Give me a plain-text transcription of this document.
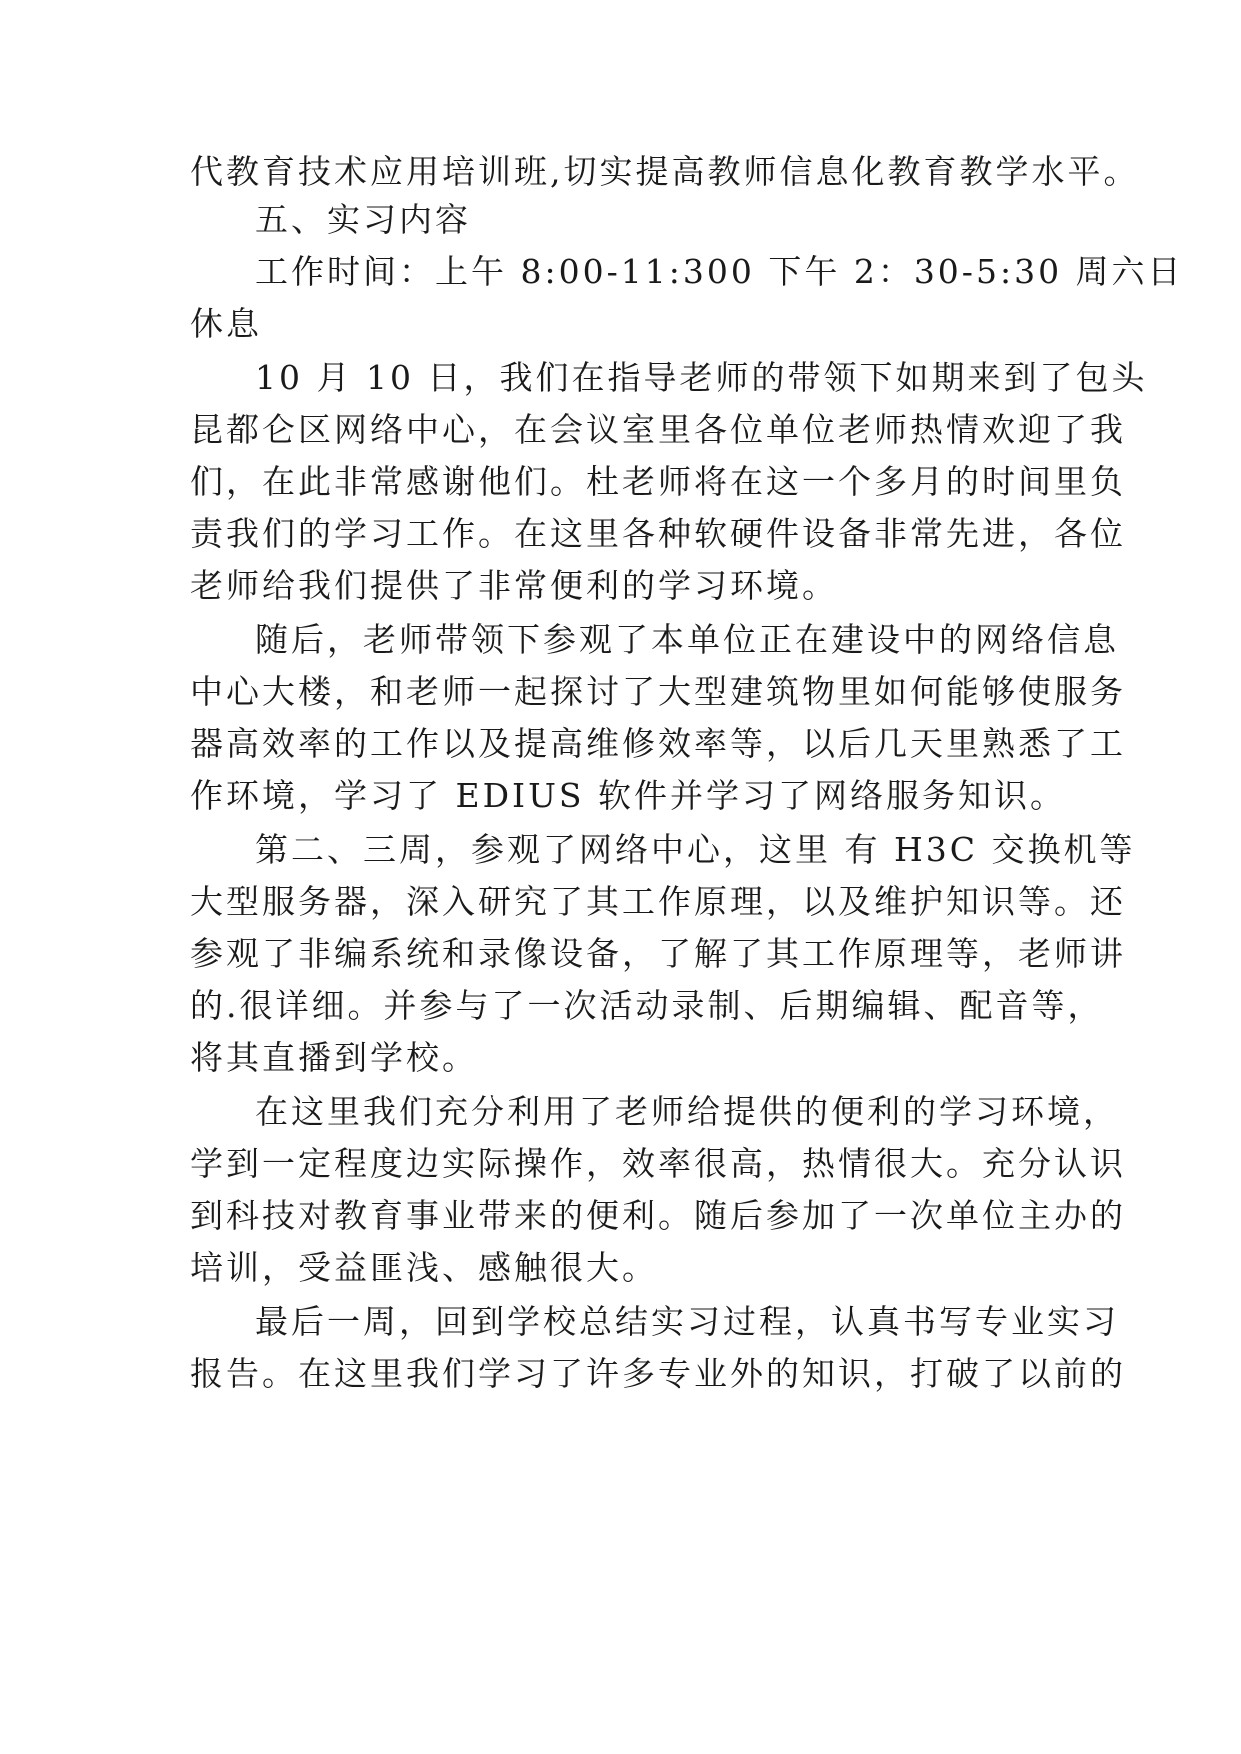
代教育技术应用培训班,切实提高教师信息化教育教学水平。
五、实习内容
工作时间：上午 8:00-11:300 下午 2：30-5:30 周六日
休息
10 月 10 日，我们在指导老师的带领下如期来到了包头
昆都仑区网络中心，在会议室里各位单位老师热情欢迎了我
们，在此非常感谢他们。杜老师将在这一个多月的时间里负
责我们的学习工作。在这里各种软硬件设备非常先进，各位
老师给我们提供了非常便利的学习环境。
随后，老师带领下参观了本单位正在建设中的网络信息
中心大楼，和老师一起探讨了大型建筑物里如何能够使服务
器高效率的工作以及提高维修效率等，以后几天里熟悉了工
作环境，学习了 EDIUS 软件并学习了网络服务知识。
第二、三周，参观了网络中心，这里 有 H3C 交换机等
大型服务器，深入研究了其工作原理，以及维护知识等。还
参观了非编系统和录像设备，了解了其工作原理等，老师讲
的.很详细。并参与了一次活动录制、后期编辑、配音等，
将其直播到学校。
在这里我们充分利用了老师给提供的便利的学习环境，
学到一定程度边实际操作，效率很高，热情很大。充分认识
到科技对教育事业带来的便利。随后参加了一次单位主办的
培训，受益匪浅、感触很大。
最后一周，回到学校总结实习过程，认真书写专业实习
报告。在这里我们学习了许多专业外的知识，打破了以前的
